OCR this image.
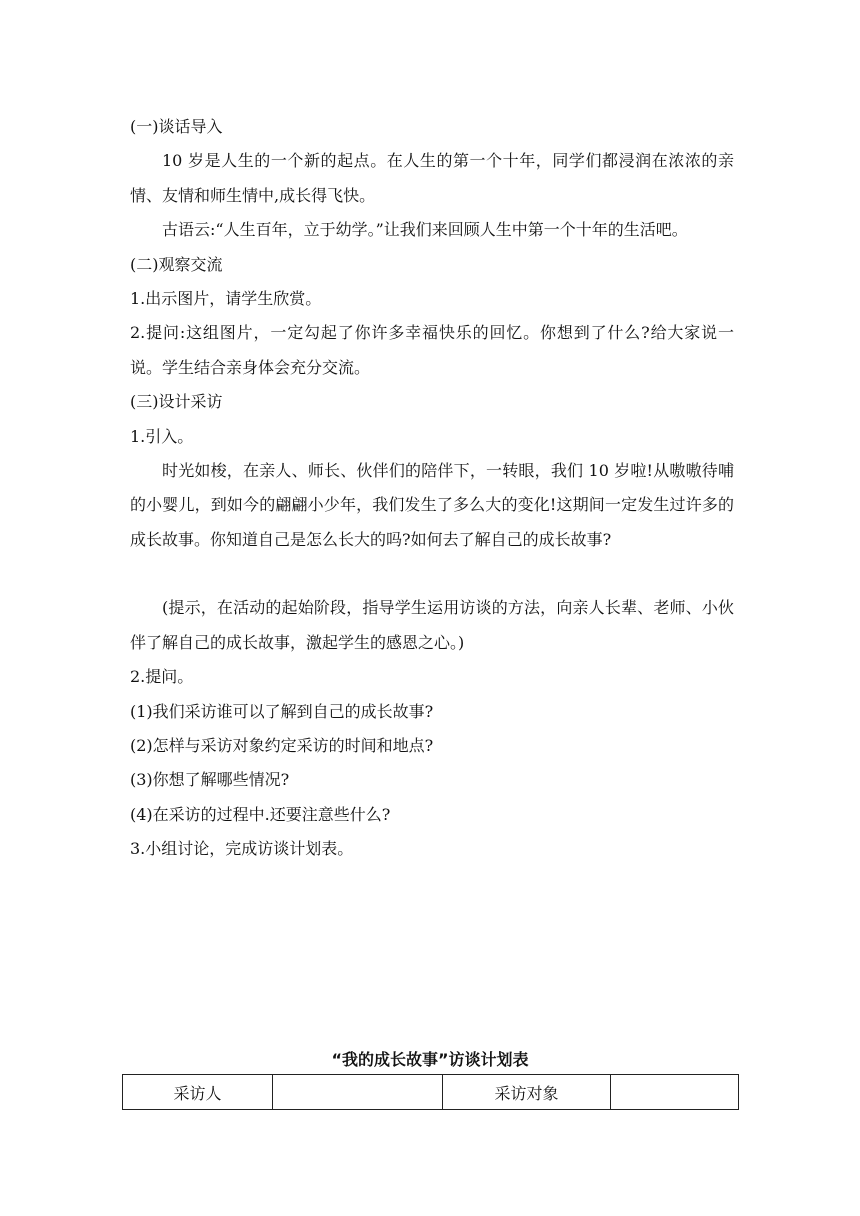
(一)谈话导入

10 岁是人生的一个新的起点。在人生的第一个十年，同学们都浸润在浓浓的亲情、友情和师生情中,成长得飞快。

古语云:“人生百年，立于幼学。”让我们来回顾人生中第一个十年的生活吧。

(二)观察交流

1.出示图片，请学生欣赏。

2.提问:这组图片，一定勾起了你许多幸福快乐的回忆。你想到了什么?给大家说一说。学生结合亲身体会充分交流。

(三)设计采访

1.引入。

时光如梭，在亲人、师长、伙伴们的陪伴下，一转眼，我们 10 岁啦!从嗷嗷待哺的小婴儿，到如今的翩翩小少年，我们发生了多么大的变化!这期间一定发生过许多的成长故事。你知道自己是怎么长大的吗?如何去了解自己的成长故事?

(提示，在活动的起始阶段，指导学生运用访谈的方法，向亲人长辈、老师、小伙伴了解自己的成长故事，激起学生的感恩之心。)

2.提问。

(1)我们采访谁可以了解到自己的成长故事?

(2)怎样与采访对象约定采访的时间和地点?

(3)你想了解哪些情况?

(4)在采访的过程中.还要注意些什么?

3.小组讨论，完成访谈计划表。

“我的成长故事”访谈计划表
采访人		采访对象	
